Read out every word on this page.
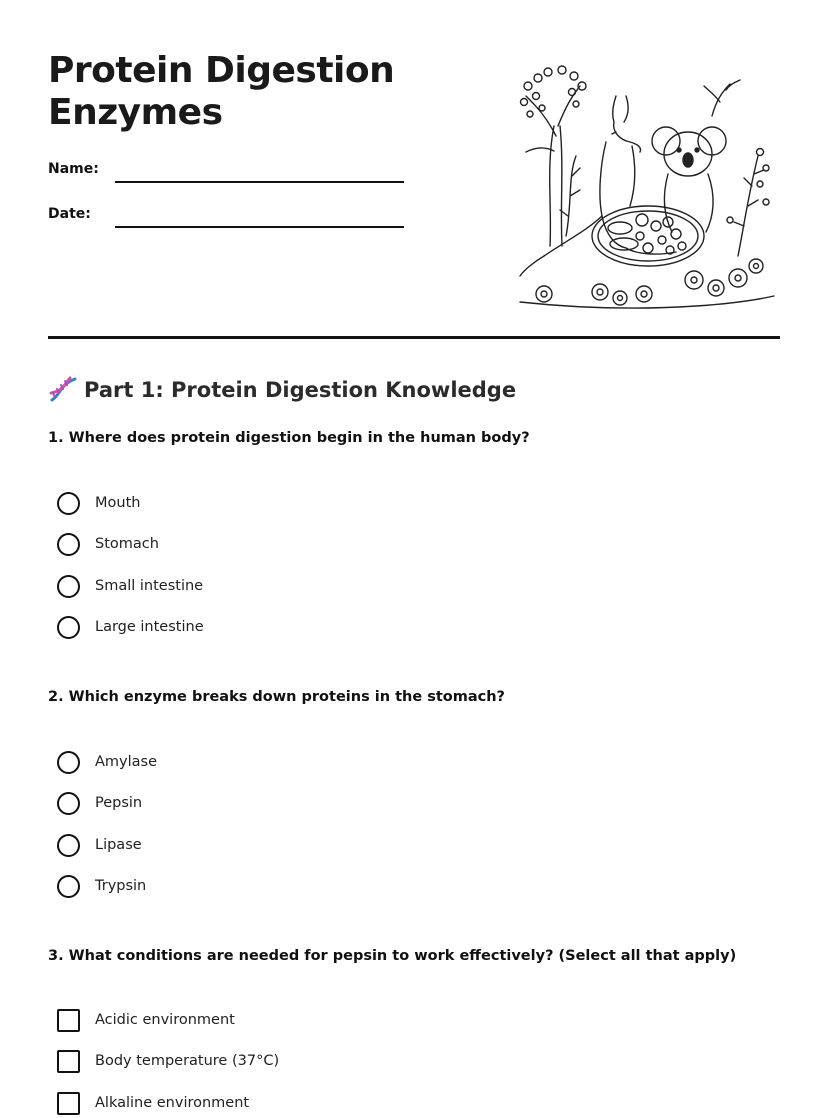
Protein Digestion
Enzymes
Name:
Date:
Part 1: Protein Digestion Knowledge
1. Where does protein digestion begin in the human body?
Mouth
Stomach
Small intestine
Large intestine
2. Which enzyme breaks down proteins in the stomach?
Amylase
Pepsin
Lipase
Trypsin
3. What conditions are needed for pepsin to work effectively? (Select all that apply)
Acidic environment
Body temperature (37°C)
Alkaline environment
